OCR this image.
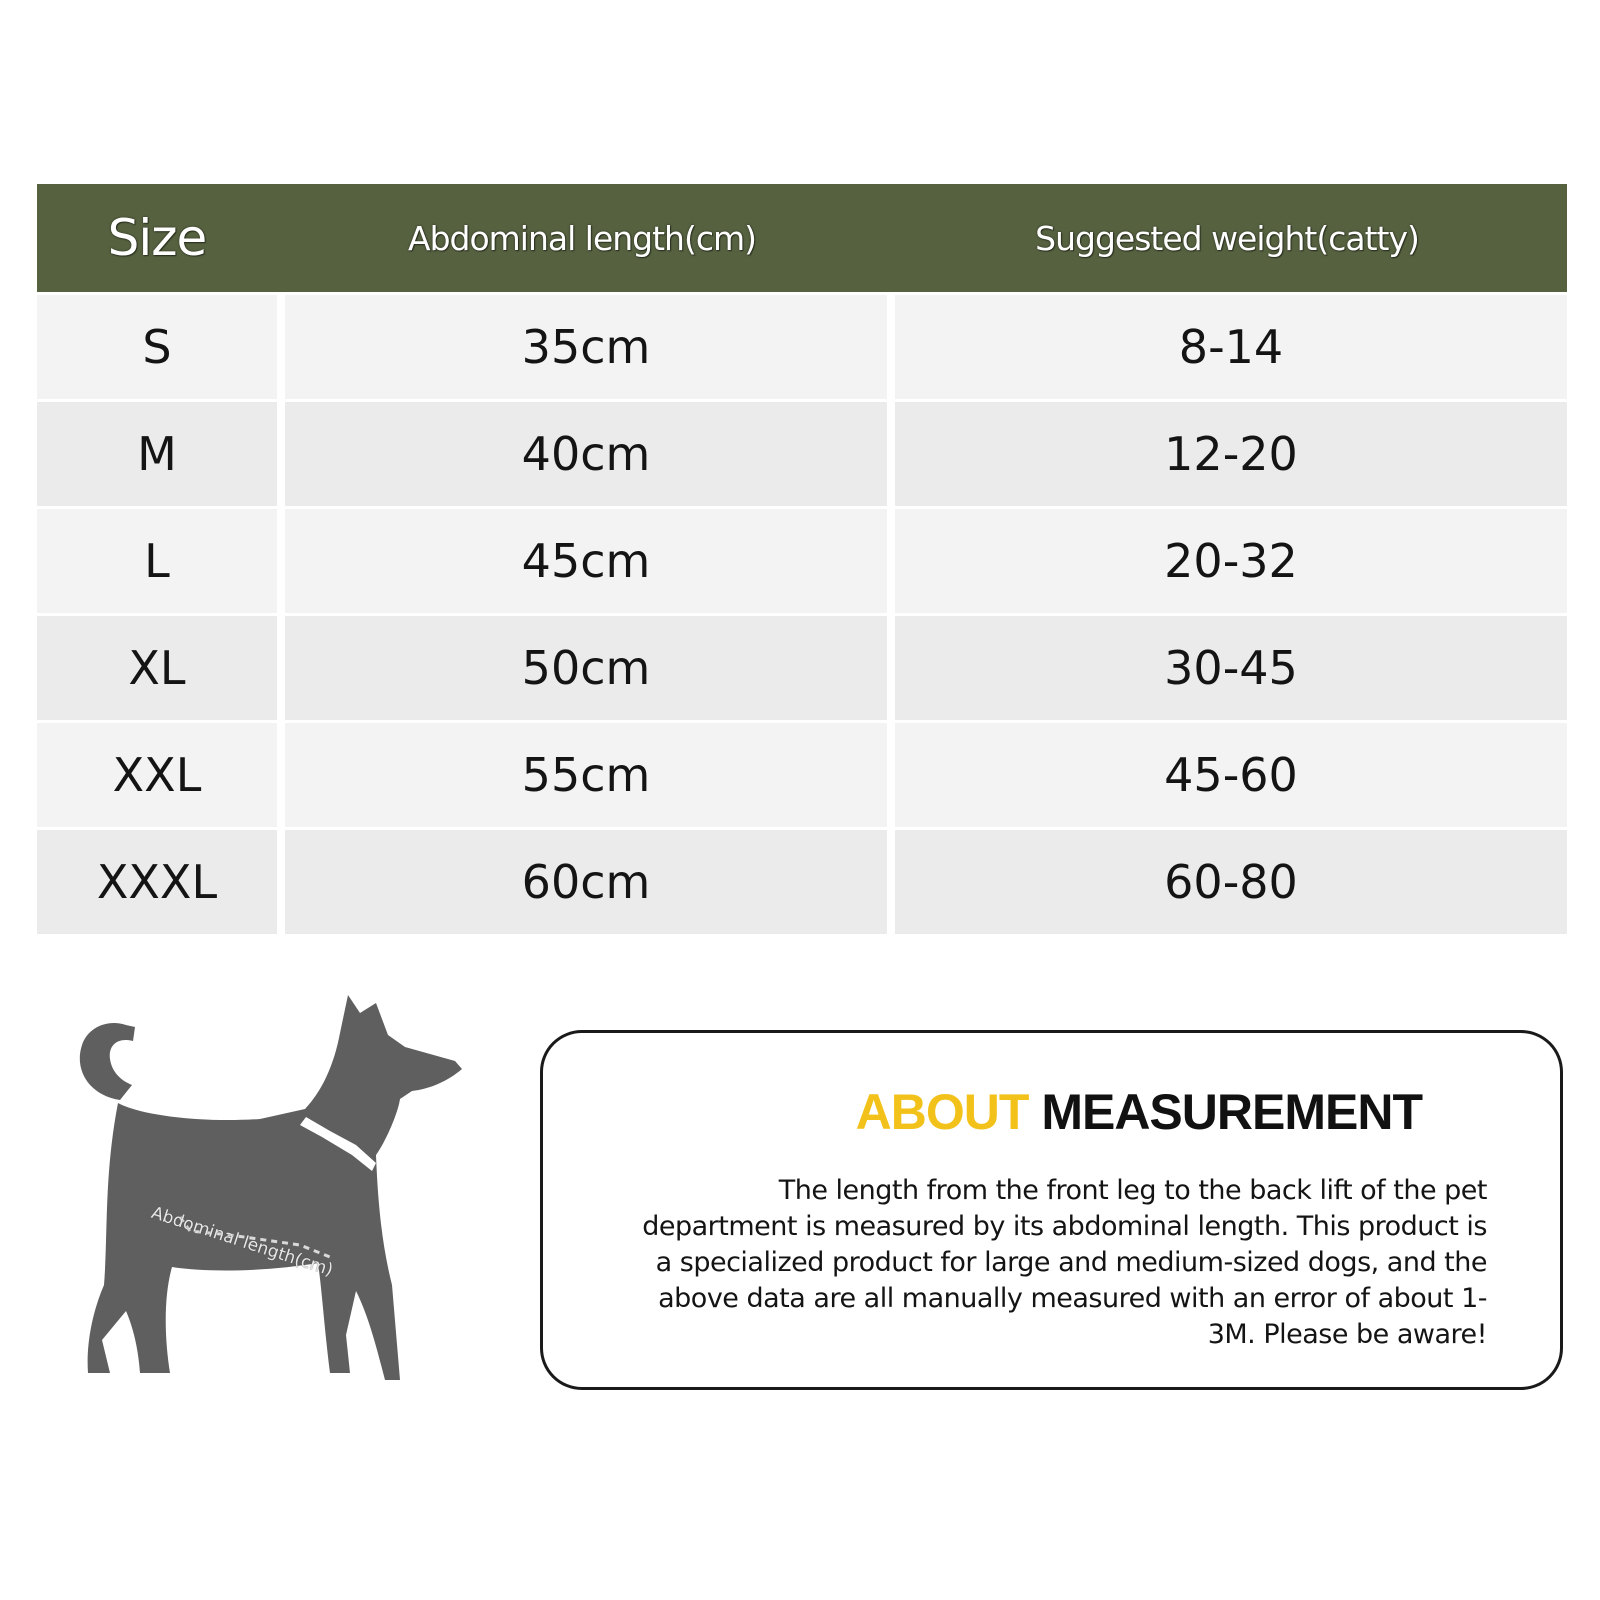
Size	Abdominal length(cm)	Suggested weight(catty)
S	35cm	8-14
M	40cm	12-20
L	45cm	20-32
XL	50cm	30-45
XXL	55cm	45-60
XXXL	60cm	60-80
Abdominal length(cm)
ABOUT MEASUREMENT
The length from the front leg to the back lift of the pet department is measured by its abdominal length. This product is a specialized product for large and medium-sized dogs, and the above data are all manually measured with an error of about 1-3M. Please be aware!
